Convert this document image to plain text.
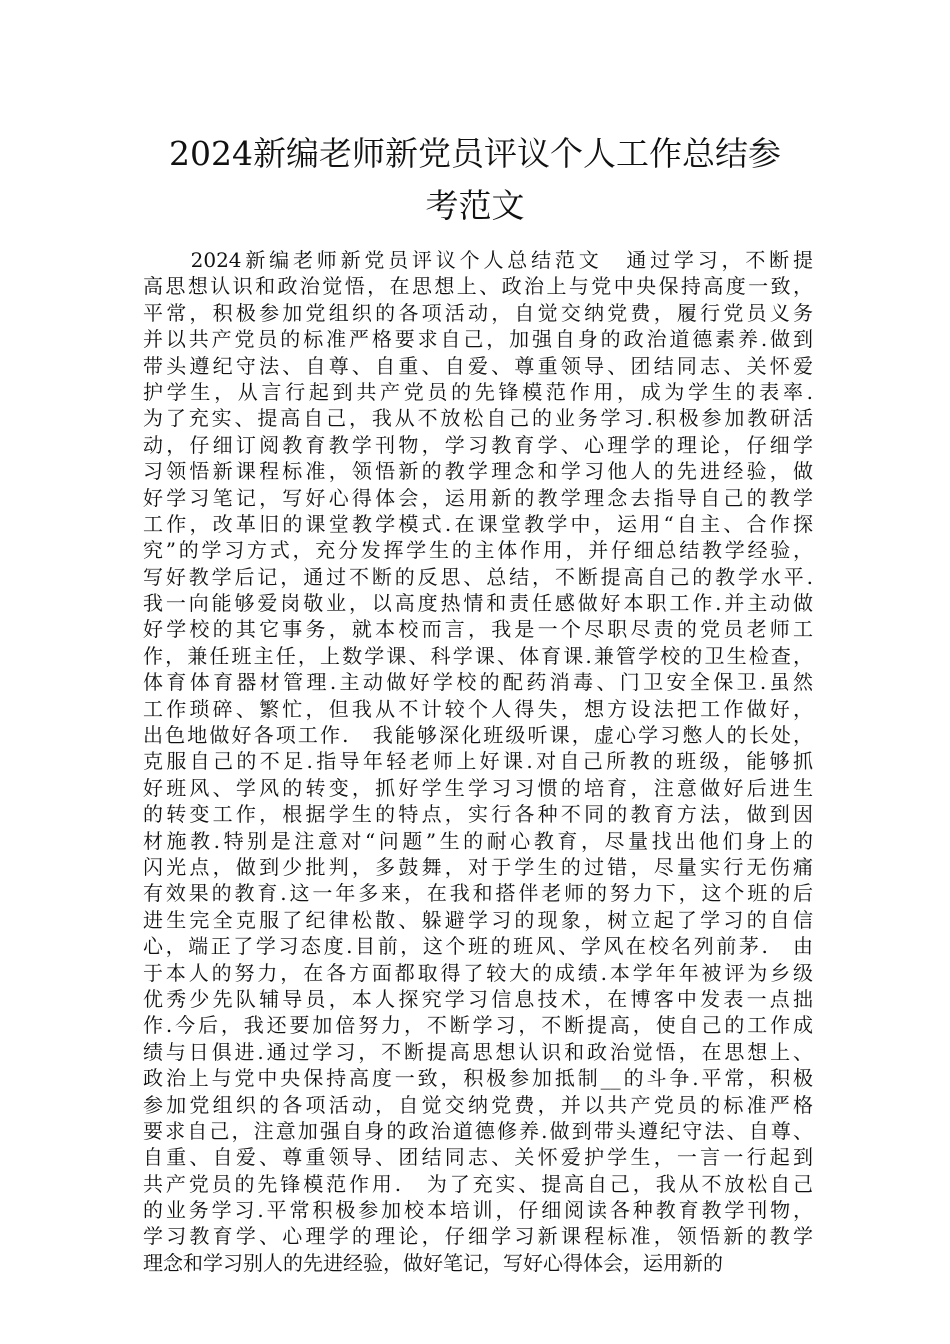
2024新编老师新党员评议个人工作总结参
考范文
　　2024新编老师新党员评议个人总结范文　通过学习，不断提
高思想认识和政治觉悟，在思想上、政治上与党中央保持高度一致，
平常，积极参加党组织的各项活动，自觉交纳党费，履行党员义务
并以共产党员的标准严格要求自己，加强自身的政治道德素养.做到
带头遵纪守法、自尊、自重、自爱、尊重领导、团结同志、关怀爱
护学生，从言行起到共产党员的先锋模范作用，成为学生的表率.
为了充实、提高自己，我从不放松自己的业务学习.积极参加教研活
动，仔细订阅教育教学刊物，学习教育学、心理学的理论，仔细学
习领悟新课程标准，领悟新的教学理念和学习他人的先进经验，做
好学习笔记，写好心得体会，运用新的教学理念去指导自己的教学
工作，改革旧的课堂教学模式.在课堂教学中，运用“自主、合作探
究”的学习方式，充分发挥学生的主体作用，并仔细总结教学经验，
写好教学后记，通过不断的反思、总结，不断提高自己的教学水平.
我一向能够爱岗敬业，以高度热情和责任感做好本职工作.并主动做
好学校的其它事务，就本校而言，我是一个尽职尽责的党员老师工
作，兼任班主任，上数学课、科学课、体育课.兼管学校的卫生检查，
体育体育器材管理.主动做好学校的配药消毒、门卫安全保卫.虽然
工作琐碎、繁忙，但我从不计较个人得失，想方设法把工作做好，
出色地做好各项工作.　我能够深化班级听课，虚心学习憋人的长处，
克服自己的不足.指导年轻老师上好课.对自己所教的班级，能够抓
好班风、学风的转变，抓好学生学习习惯的培育，注意做好后进生
的转变工作，根据学生的特点，实行各种不同的教育方法，做到因
材施教.特别是注意对“问题”生的耐心教育，尽量找出他们身上的
闪光点，做到少批判，多鼓舞，对于学生的过错，尽量实行无伤痛
有效果的教育.这一年多来，在我和搭伴老师的努力下，这个班的后
进生完全克服了纪律松散、躲避学习的现象，树立起了学习的自信
心，端正了学习态度.目前，这个班的班风、学风在校名列前茅.　由
于本人的努力，在各方面都取得了较大的成绩.本学年年被评为乡级
优秀少先队辅导员，本人探究学习信息技术，在博客中发表一点拙
作.今后，我还要加倍努力，不断学习，不断提高，使自己的工作成
绩与日俱进.通过学习，不断提高思想认识和政治觉悟，在思想上、
政治上与党中央保持高度一致，积极参加抵制__的斗争.平常，积极
参加党组织的各项活动，自觉交纳党费，并以共产党员的标准严格
要求自己，注意加强自身的政治道德修养.做到带头遵纪守法、自尊、
自重、自爱、尊重领导、团结同志、关怀爱护学生，一言一行起到
共产党员的先锋模范作用.　为了充实、提高自己，我从不放松自己
的业务学习.平常积极参加校本培训，仔细阅读各种教育教学刊物，
学习教育学、心理学的理论，仔细学习新课程标准，领悟新的教学
理念和学习别人的先进经验，做好笔记，写好心得体会，运用新的
